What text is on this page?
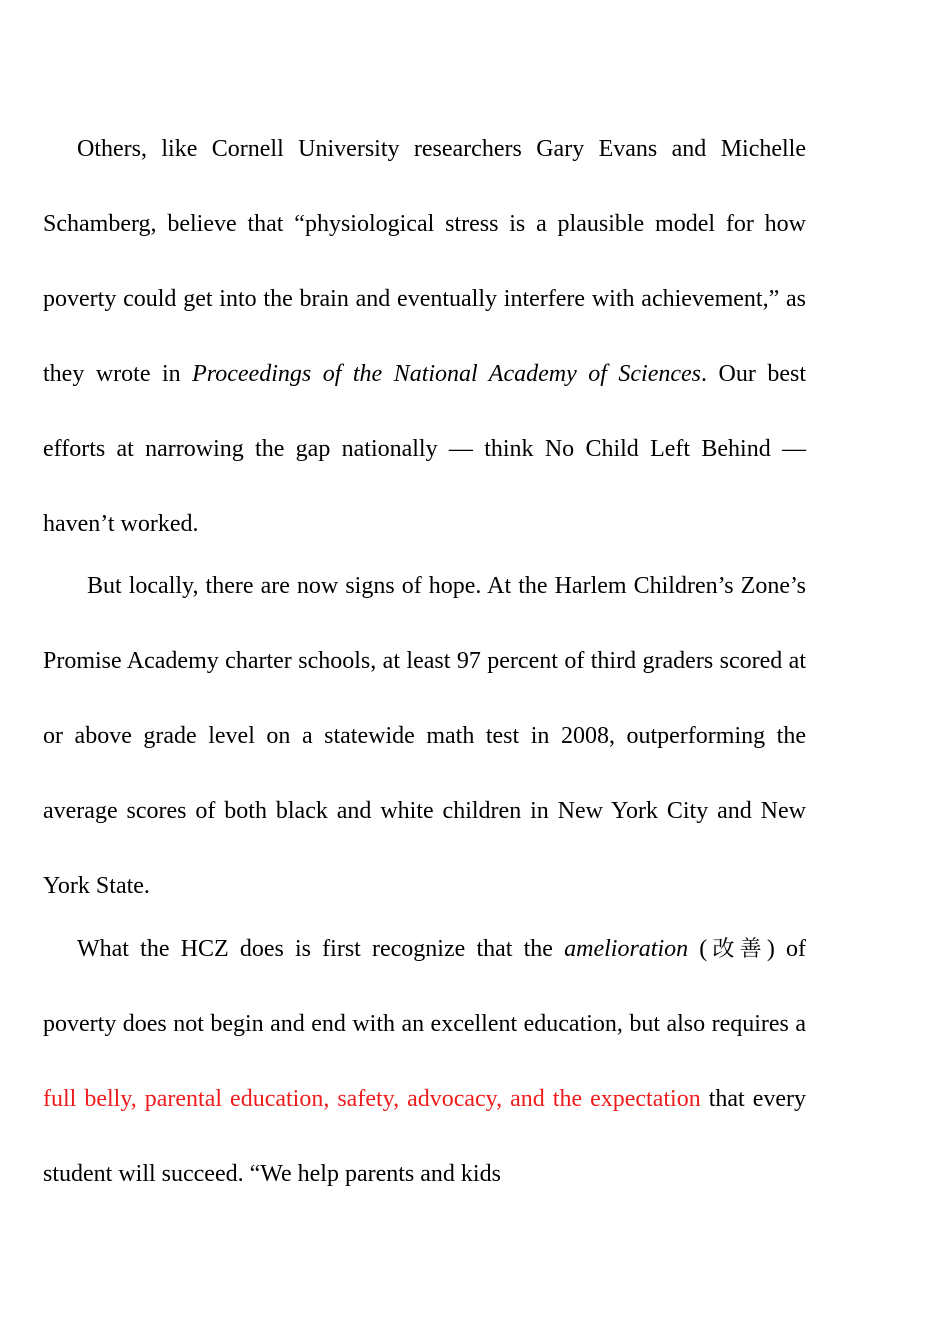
Others, like Cornell University researchers Gary Evans and Michelle Schamberg, believe that “physiological stress is a plausible model for how poverty could get into the brain and eventually interfere with achievement,” as they wrote in Proceedings of the National Academy of Sciences. Our best efforts at narrowing the gap nationally — think No Child Left Behind — haven’t worked.

But locally, there are now signs of hope. At the Harlem Children’s Zone’s Promise Academy charter schools, at least 97 percent of third graders scored at or above grade level on a statewide math test in 2008, outperforming the average scores of both black and white children in New York City and New York State.

What the HCZ does is first recognize that the amelioration (改善) of poverty does not begin and end with an excellent education, but also requires a full belly, parental education, safety, advocacy, and the expectation that every student will succeed. “We help parents and kids
